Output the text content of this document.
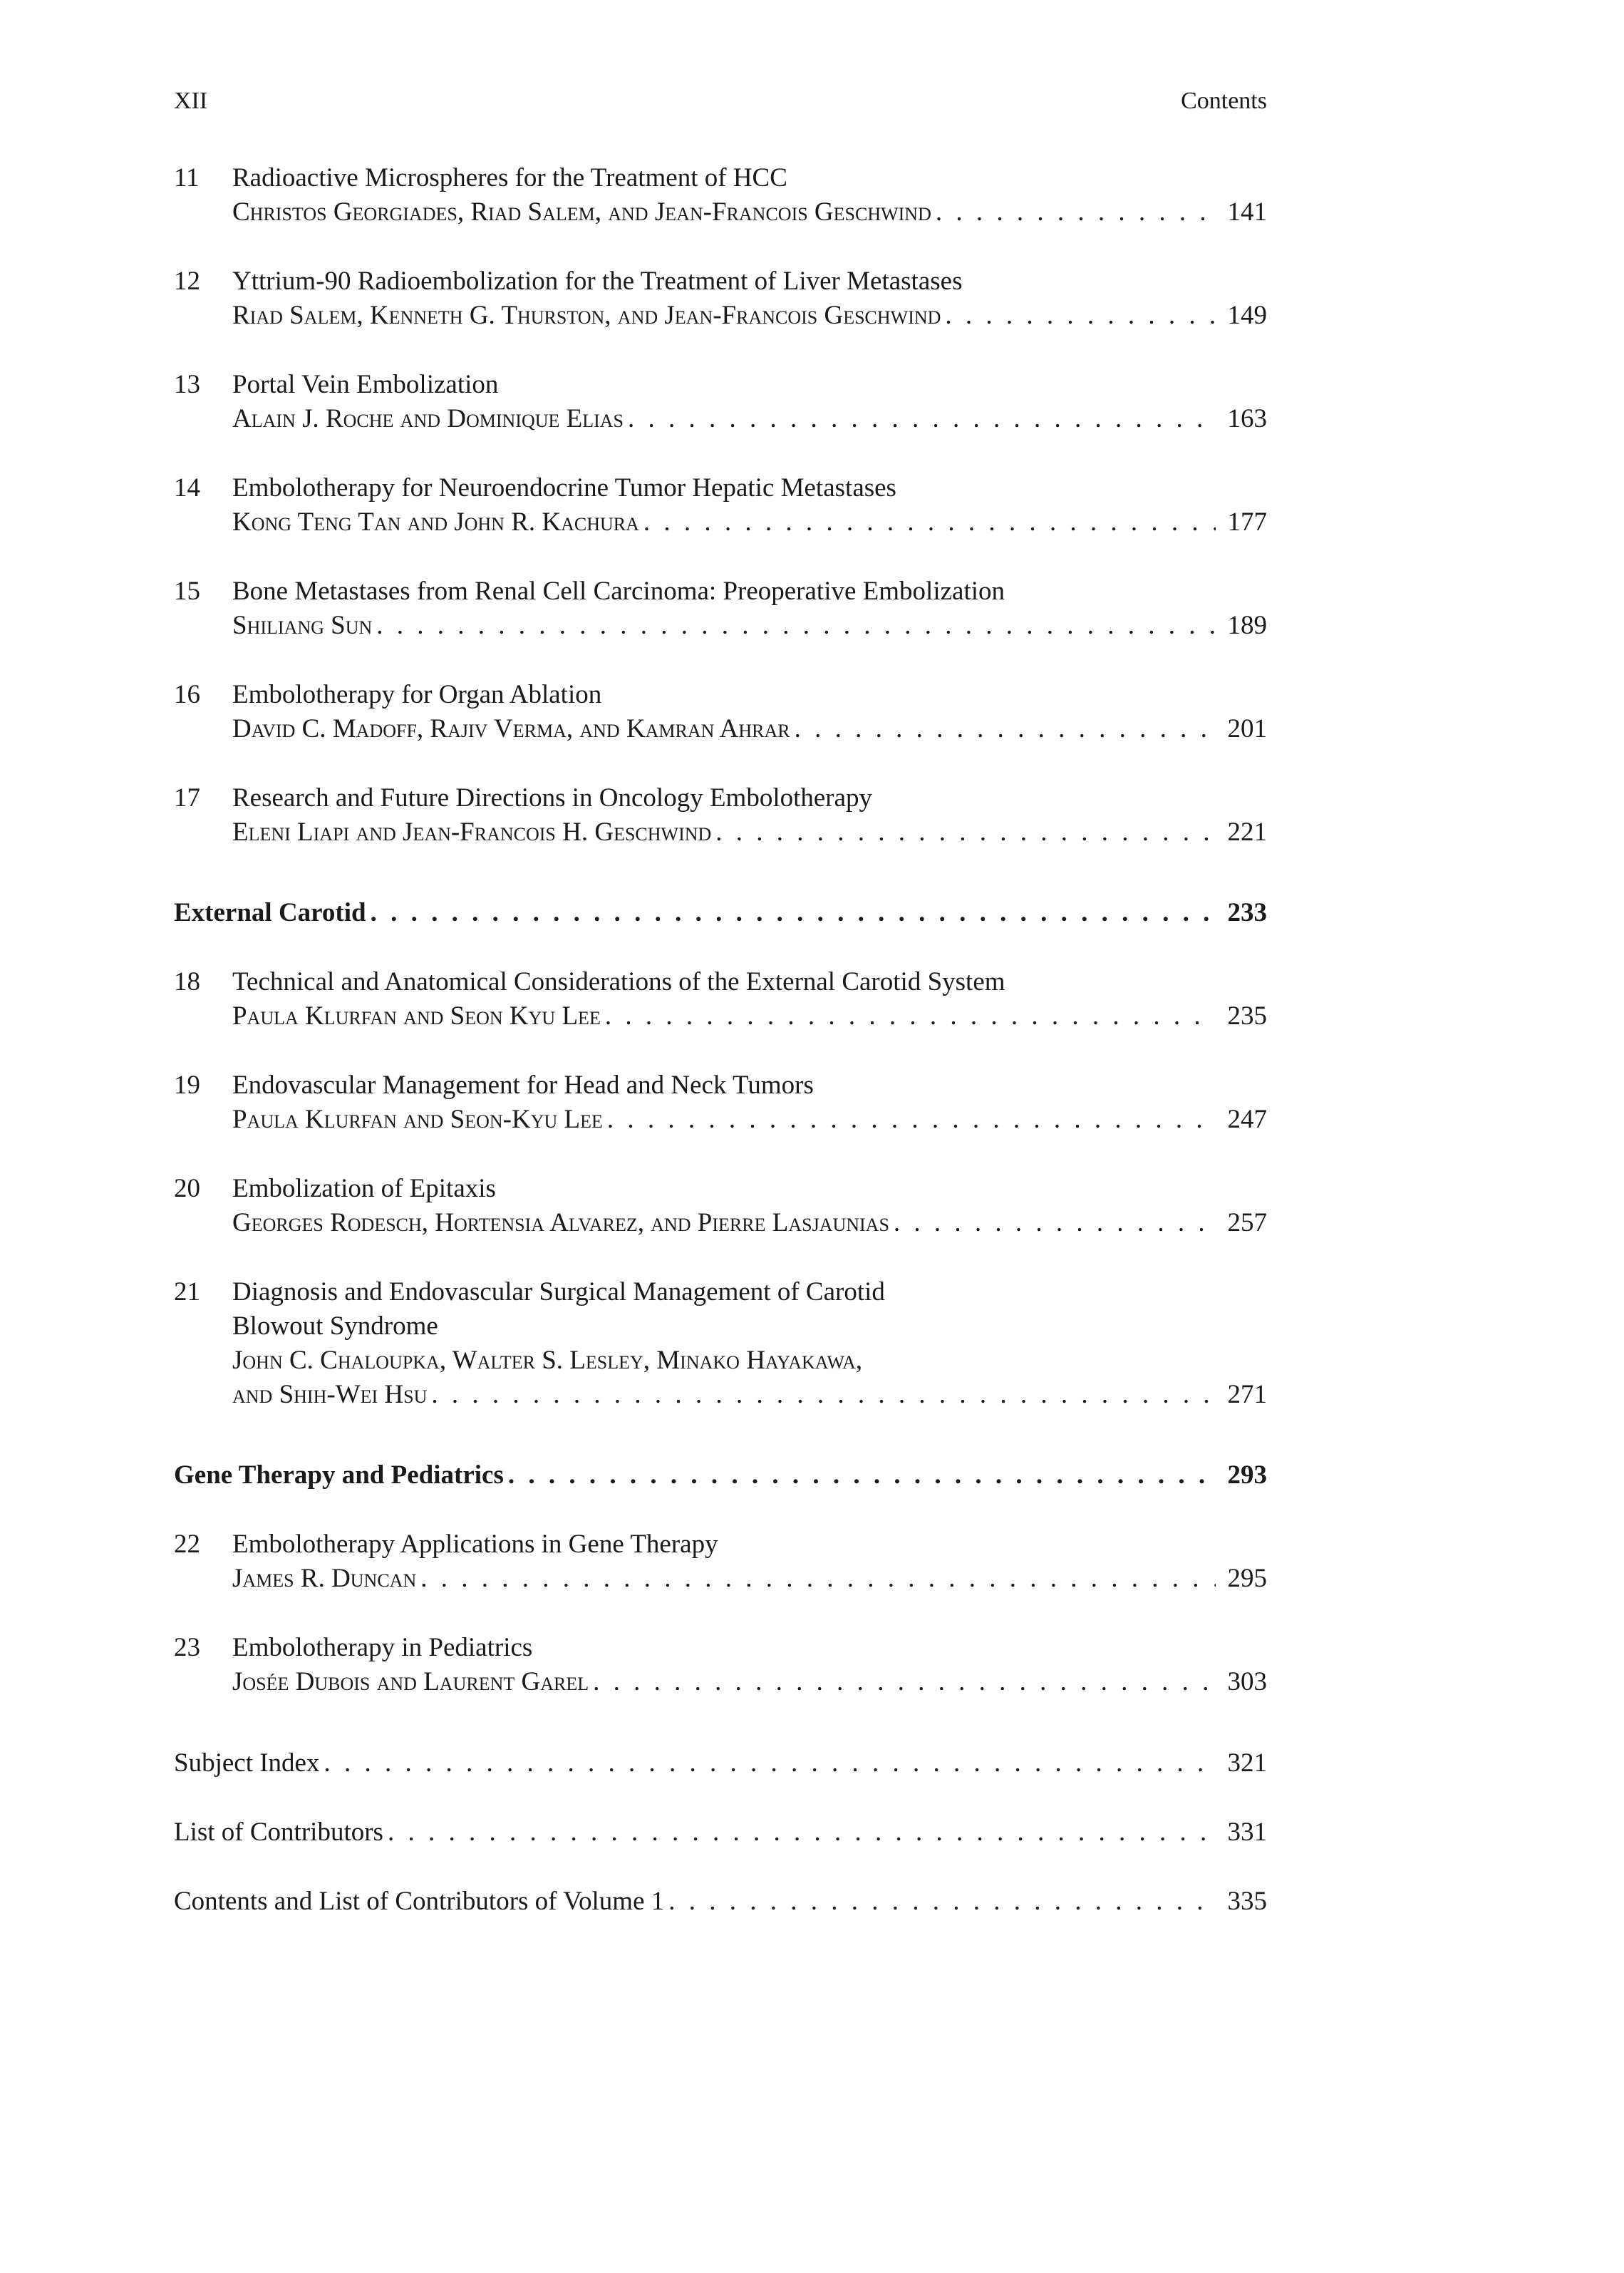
XII	Contents
11	Radioactive Microspheres for the Treatment of HCC
Christos Georgiades, Riad Salem, and Jean-Francois Geschwind . . .	141
12	Yttrium-90 Radioembolization for the Treatment of Liver Metastases
Riad Salem, Kenneth G. Thurston, and Jean-Francois Geschwind . . .	149
13	Portal Vein Embolization
Alain J. Roche and Dominique Elias . . .	163
14	Embolotherapy for Neuroendocrine Tumor Hepatic Metastases
Kong Teng Tan and John R. Kachura . . .	177
15	Bone Metastases from Renal Cell Carcinoma: Preoperative Embolization
Shiliang Sun . . .	189
16	Embolotherapy for Organ Ablation
David C. Madoff, Rajiv Verma, and Kamran Ahrar . . .	201
17	Research and Future Directions in Oncology Embolotherapy
Eleni Liapi and Jean-Francois H. Geschwind . . .	221
External Carotid . . .	233
18	Technical and Anatomical Considerations of the External Carotid System
Paula Klurfan and Seon Kyu Lee . . .	235
19	Endovascular Management for Head and Neck Tumors
Paula Klurfan and Seon-Kyu Lee . . .	247
20	Embolization of Epitaxis
Georges Rodesch, Hortensia Alvarez, and Pierre Lasjaunias . . .	257
21	Diagnosis and Endovascular Surgical Management of Carotid
Blowout Syndrome
John C. Chaloupka, Walter S. Lesley, Minako Hayakawa,
and Shih-Wei Hsu . . .	271
Gene Therapy and Pediatrics . . .	293
22	Embolotherapy Applications in Gene Therapy
James R. Duncan . . .	295
23	Embolotherapy in Pediatrics
Josée Dubois and Laurent Garel . . .	303
Subject Index . . .	321
List of Contributors . . .	331
Contents and List of Contributors of Volume 1 . . .	335
